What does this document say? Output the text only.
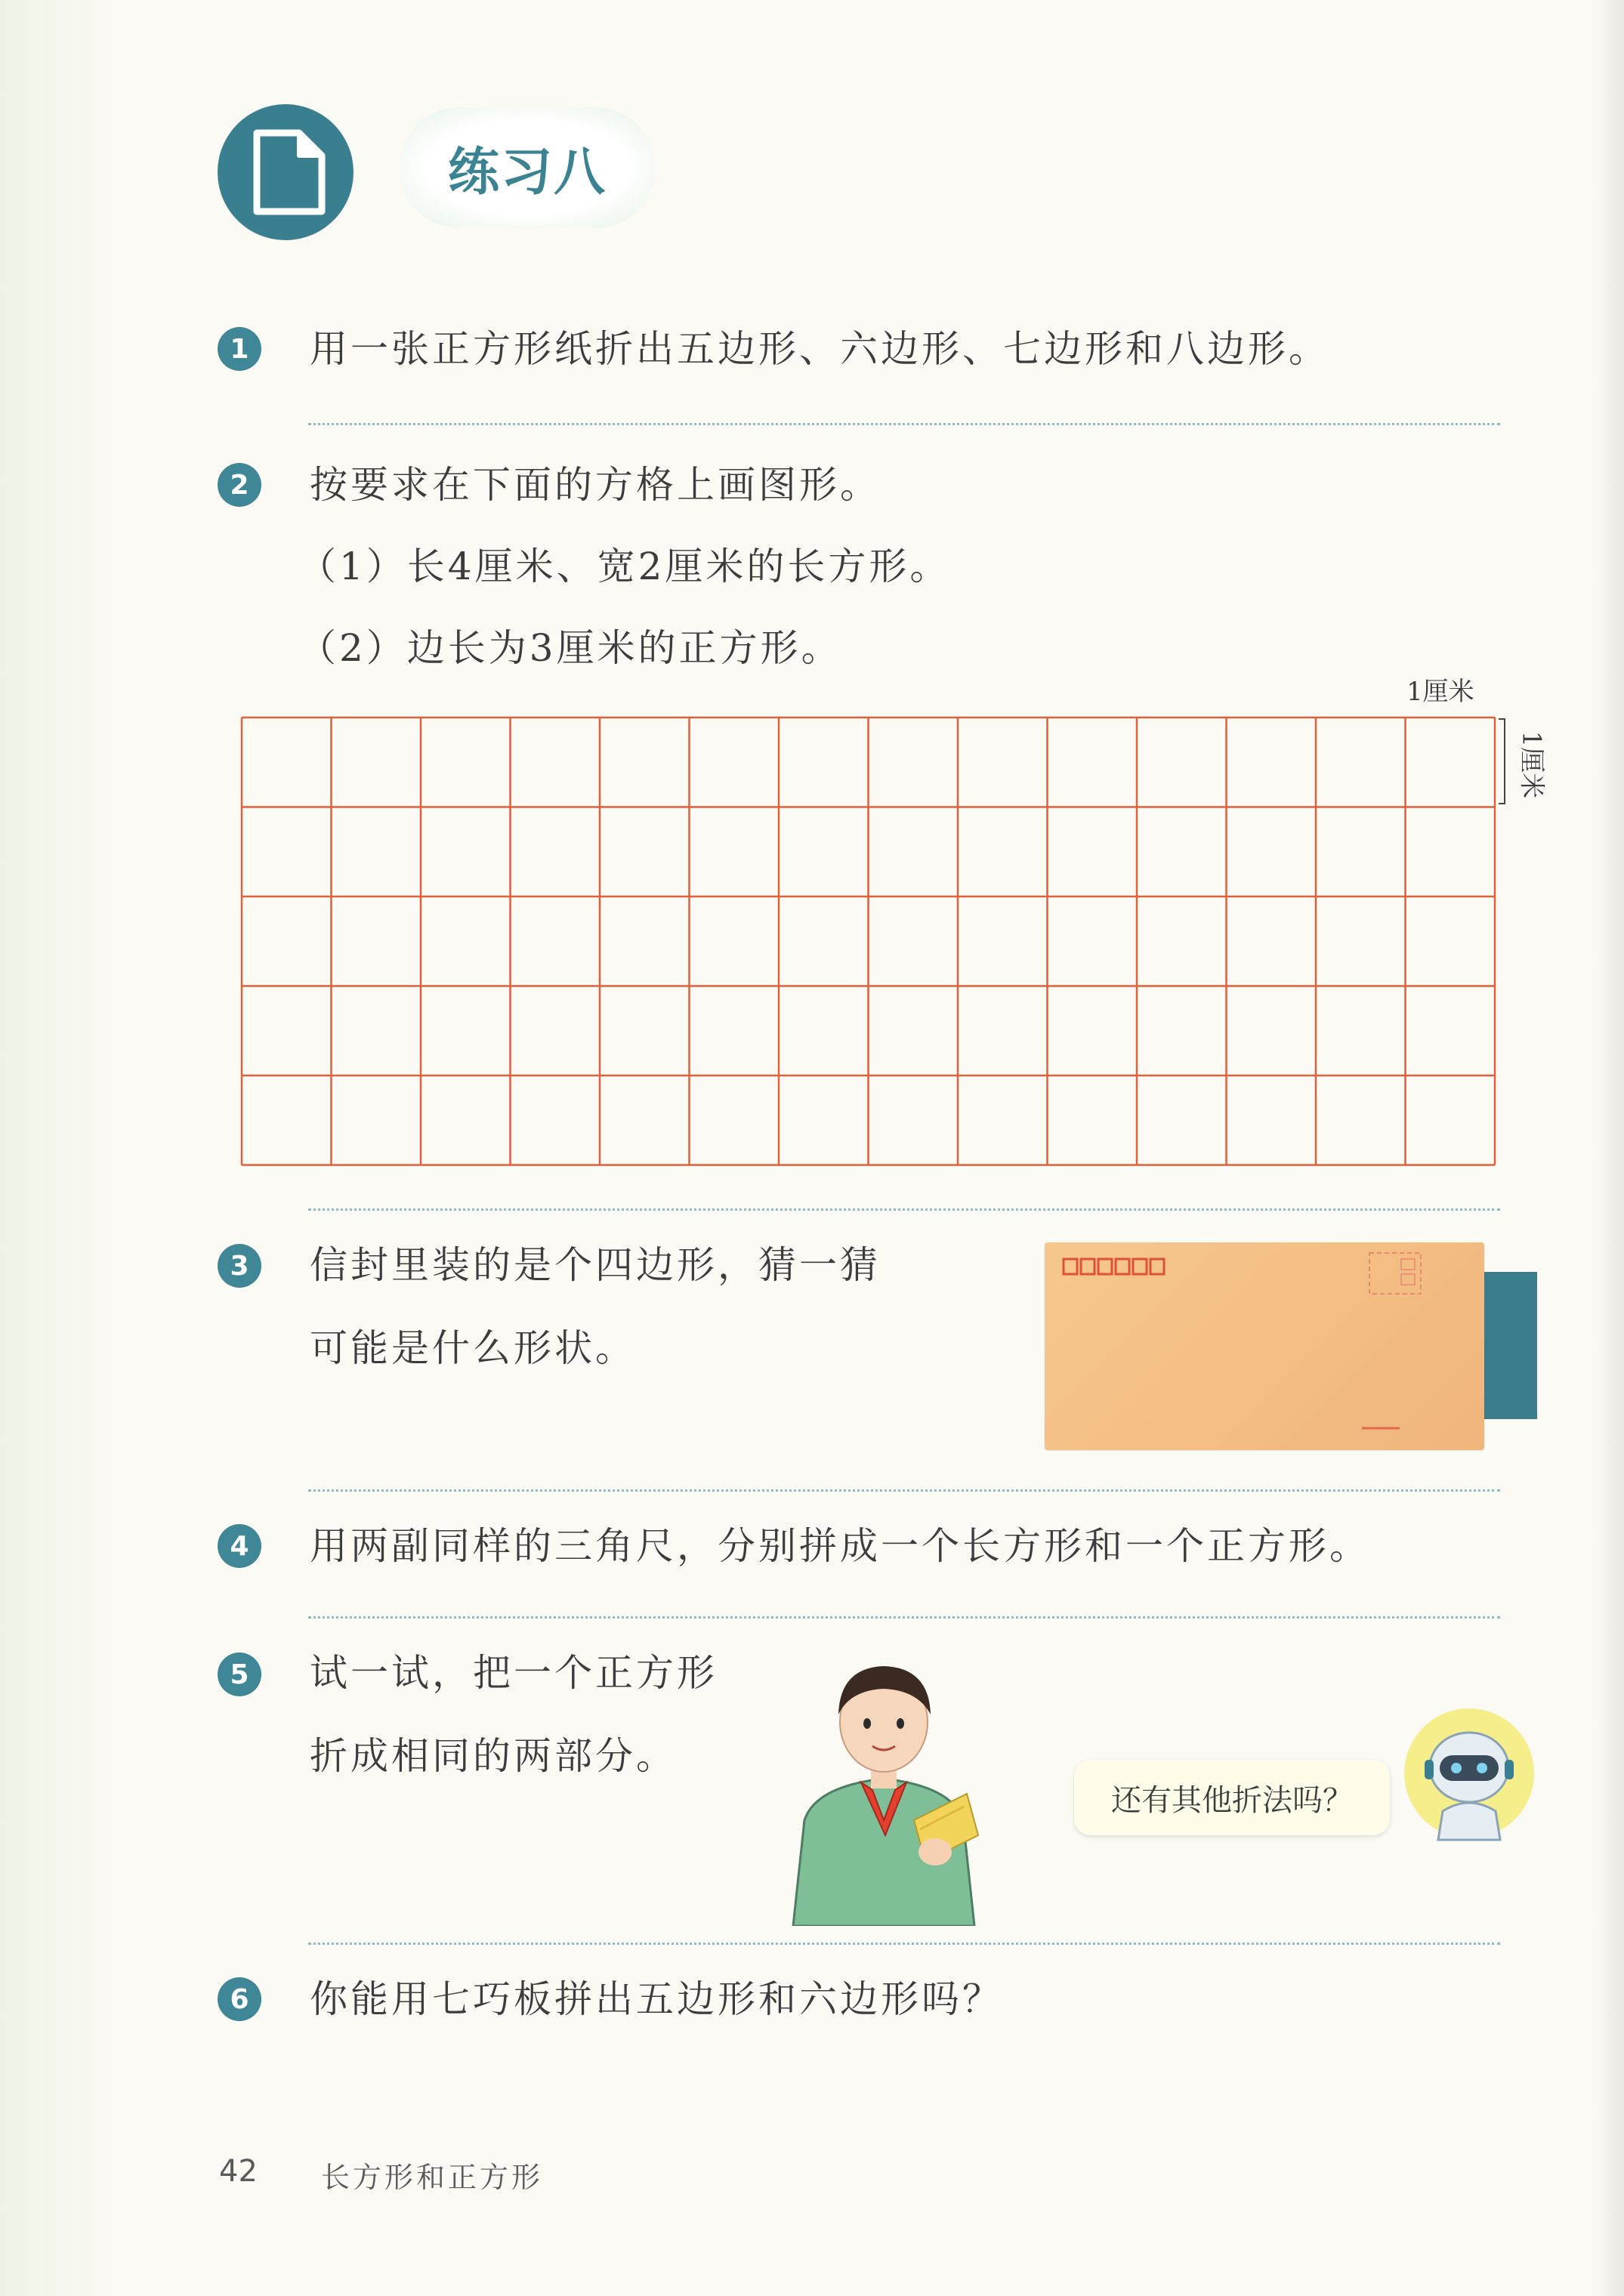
练习八
1	用一张正方形纸折出五边形、六边形、七边形和八边形。
2	按要求在下面的方格上画图形。
（1）长4厘米、宽2厘米的长方形。
（2）边长为3厘米的正方形。
1厘米
1厘米
3	信封里装的是个四边形，猜一猜
可能是什么形状。
4	用两副同样的三角尺，分别拼成一个长方形和一个正方形。
5	试一试，把一个正方形
折成相同的两部分。
还有其他折法吗？
6	你能用七巧板拼出五边形和六边形吗？
42 长方形和正方形
